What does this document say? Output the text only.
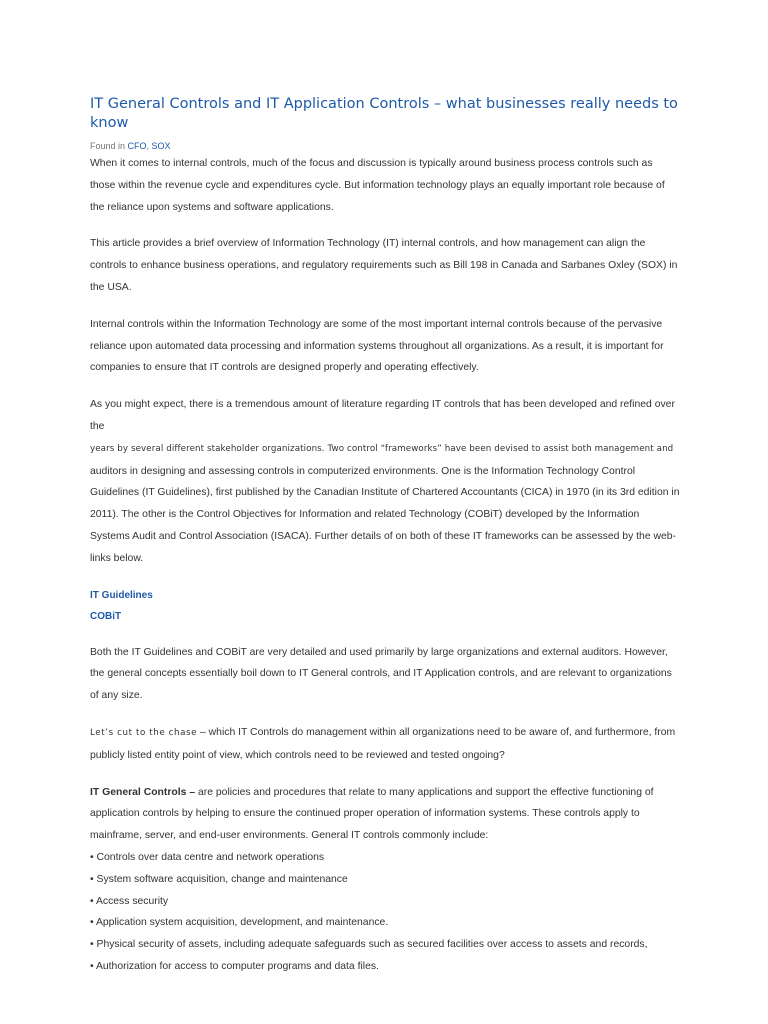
IT General Controls and IT Application Controls – what businesses really needs to know
Found in CFO, SOX

When it comes to internal controls, much of the focus and discussion is typically around business process controls such as those within the revenue cycle and expenditures cycle. But information technology plays an equally important role because of the reliance upon systems and software applications.

This article provides a brief overview of Information Technology (IT) internal controls, and how management can align the controls to enhance business operations, and regulatory requirements such as Bill 198 in Canada and Sarbanes Oxley (SOX) in the USA.

Internal controls within the Information Technology are some of the most important internal controls because of the pervasive reliance upon automated data processing and information systems throughout all organizations. As a result, it is important for companies to ensure that IT controls are designed properly and operating effectively.

As you might expect, there is a tremendous amount of literature regarding IT controls that has been developed and refined over the
years by several different stakeholder organizations. Two control “frameworks” have been devised to assist both management and
auditors in designing and assessing controls in computerized environments. One is the Information Technology Control Guidelines (IT Guidelines), first published by the Canadian Institute of Chartered Accountants (CICA) in 1970 (in its 3rd edition in 2011). The other is the Control Objectives for Information and related Technology (COBiT) developed by the Information Systems Audit and Control Association (ISACA). Further details of on both of these IT frameworks can be assessed by the web-links below.

IT Guidelines
COBiT

Both the IT Guidelines and COBiT are very detailed and used primarily by large organizations and external auditors. However, the general concepts essentially boil down to IT General controls, and IT Application controls, and are relevant to organizations of any size.

Let’s cut to the chase – which IT Controls do management within all organizations need to be aware of, and furthermore, from publicly listed entity point of view, which controls need to be reviewed and tested ongoing?

IT General Controls – are policies and procedures that relate to many applications and support the effective functioning of application controls by helping to ensure the continued proper operation of information systems. These controls apply to mainframe, server, and end-user environments. General IT controls commonly include:

• Controls over data centre and network operations

• System software acquisition, change and maintenance

• Access security

• Application system acquisition, development, and maintenance.

• Physical security of assets, including adequate safeguards such as secured facilities over access to assets and records,

• Authorization for access to computer programs and data files.
